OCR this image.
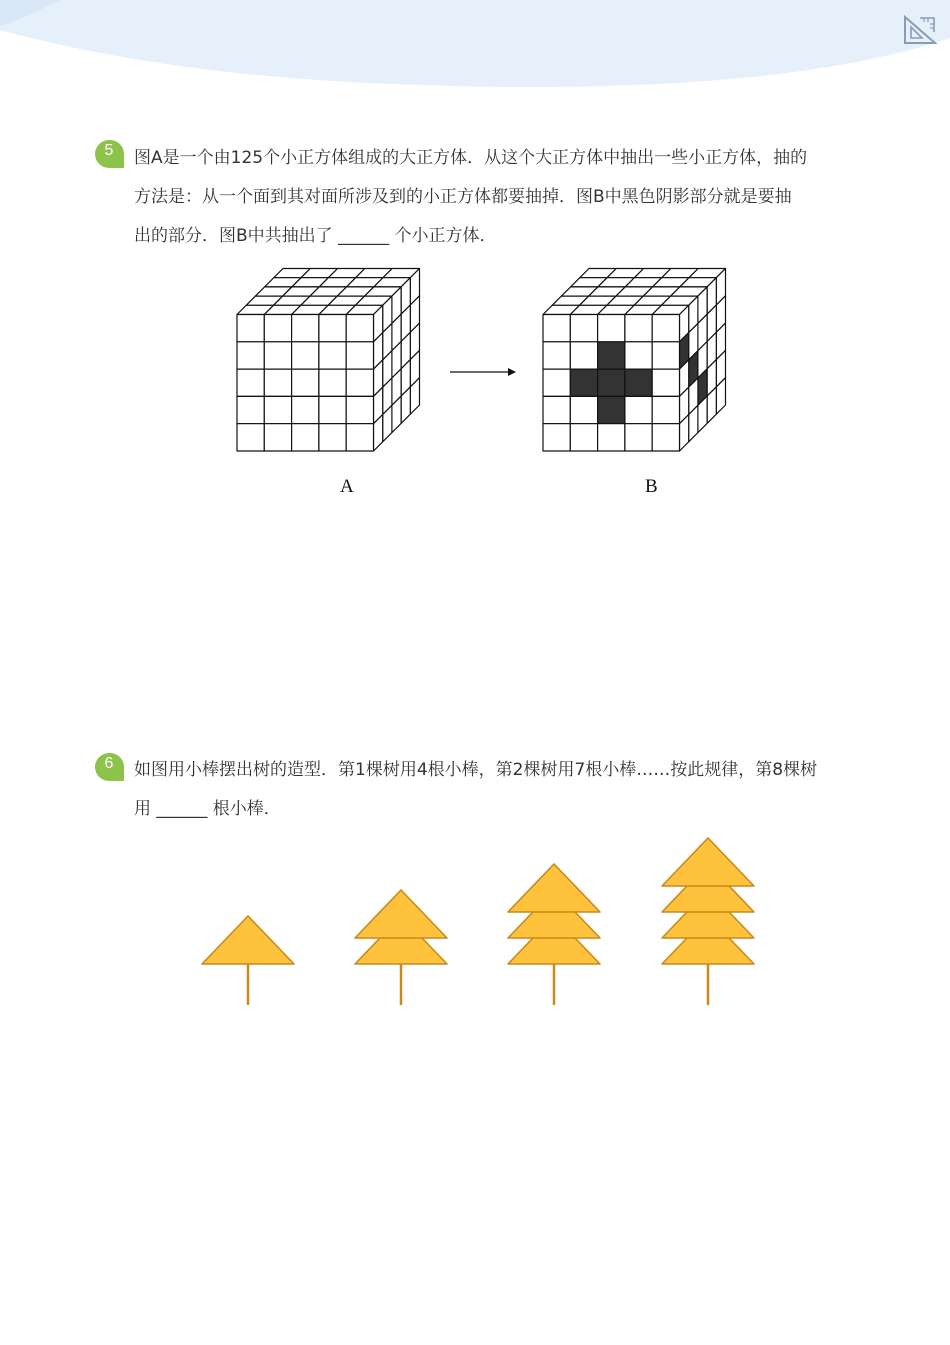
5	图A是一个由125个小正方体组成的大正方体．从这个大正方体中抽出一些小正方体，抽的
方法是：从一个面到其对面所涉及到的小正方体都要抽掉．图B中黑色阴影部分就是要抽
出的部分．图B中共抽出了 ______ 个小正方体．
A	B
6	如图用小棒摆出树的造型．第1棵树用4根小棒，第2棵树用7根小棒……按此规律，第8棵树
用 ______ 根小棒．
